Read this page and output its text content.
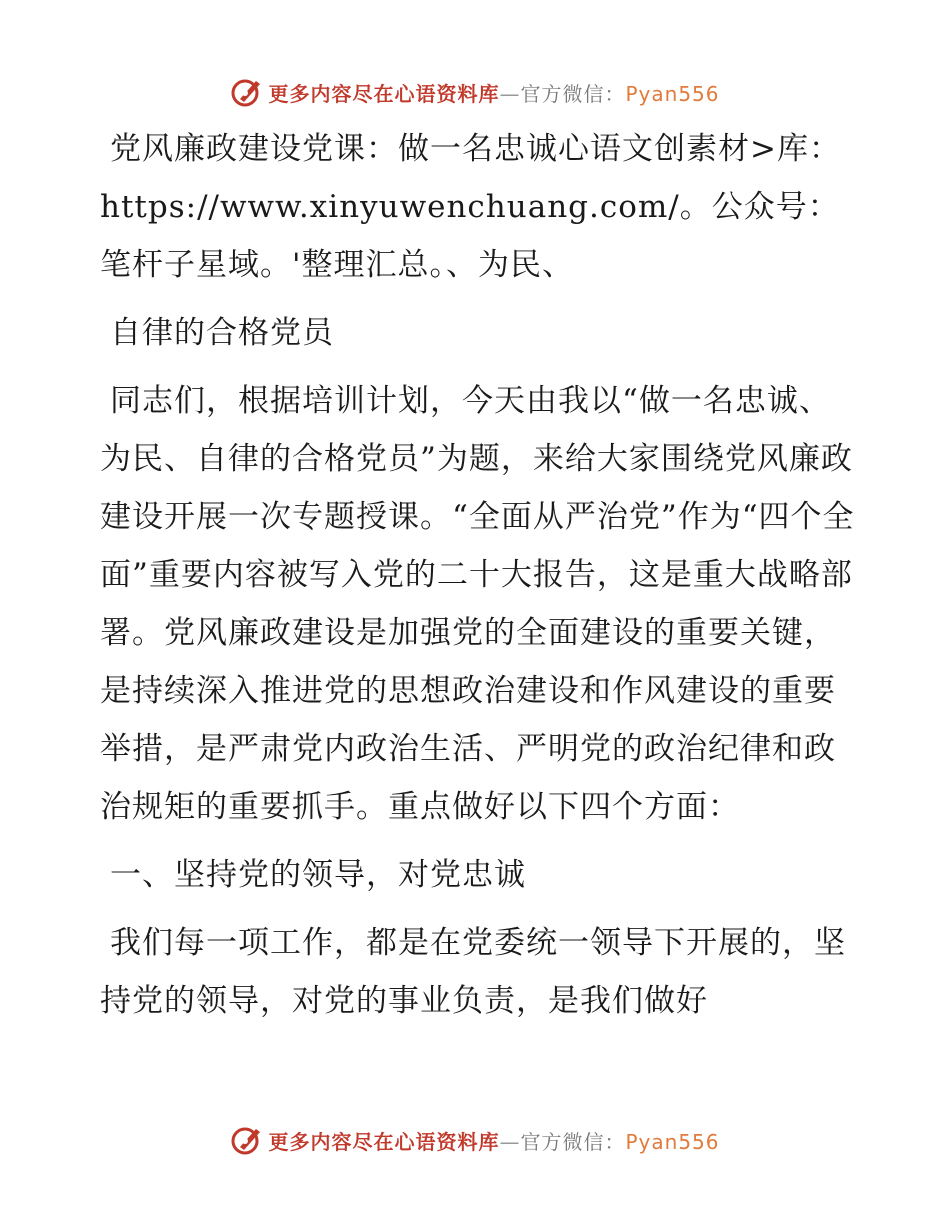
更多内容尽在心语资料库—官方微信：Pyan556

党风廉政建设党课：做一名忠诚心语文创素材>库：https://www.xinyuwenchuang.com/。公众号：笔杆子星域。'整理汇总。、为民、

自律的合格党员

同志们，根据培训计划，今天由我以“做一名忠诚、为民、自律的合格党员”为题，来给大家围绕党风廉政建设开展一次专题授课。“全面从严治党”作为“四个全面”重要内容被写入党的二十大报告，这是重大战略部署。党风廉政建设是加强党的全面建设的重要关键，是持续深入推进党的思想政治建设和作风建设的重要举措，是严肃党内政治生活、严明党的政治纪律和政治规矩的重要抓手。重点做好以下四个方面：

一、坚持党的领导，对党忠诚

我们每一项工作，都是在党委统一领导下开展的，坚持党的领导，对党的事业负责，是我们做好

更多内容尽在心语资料库—官方微信：Pyan556
